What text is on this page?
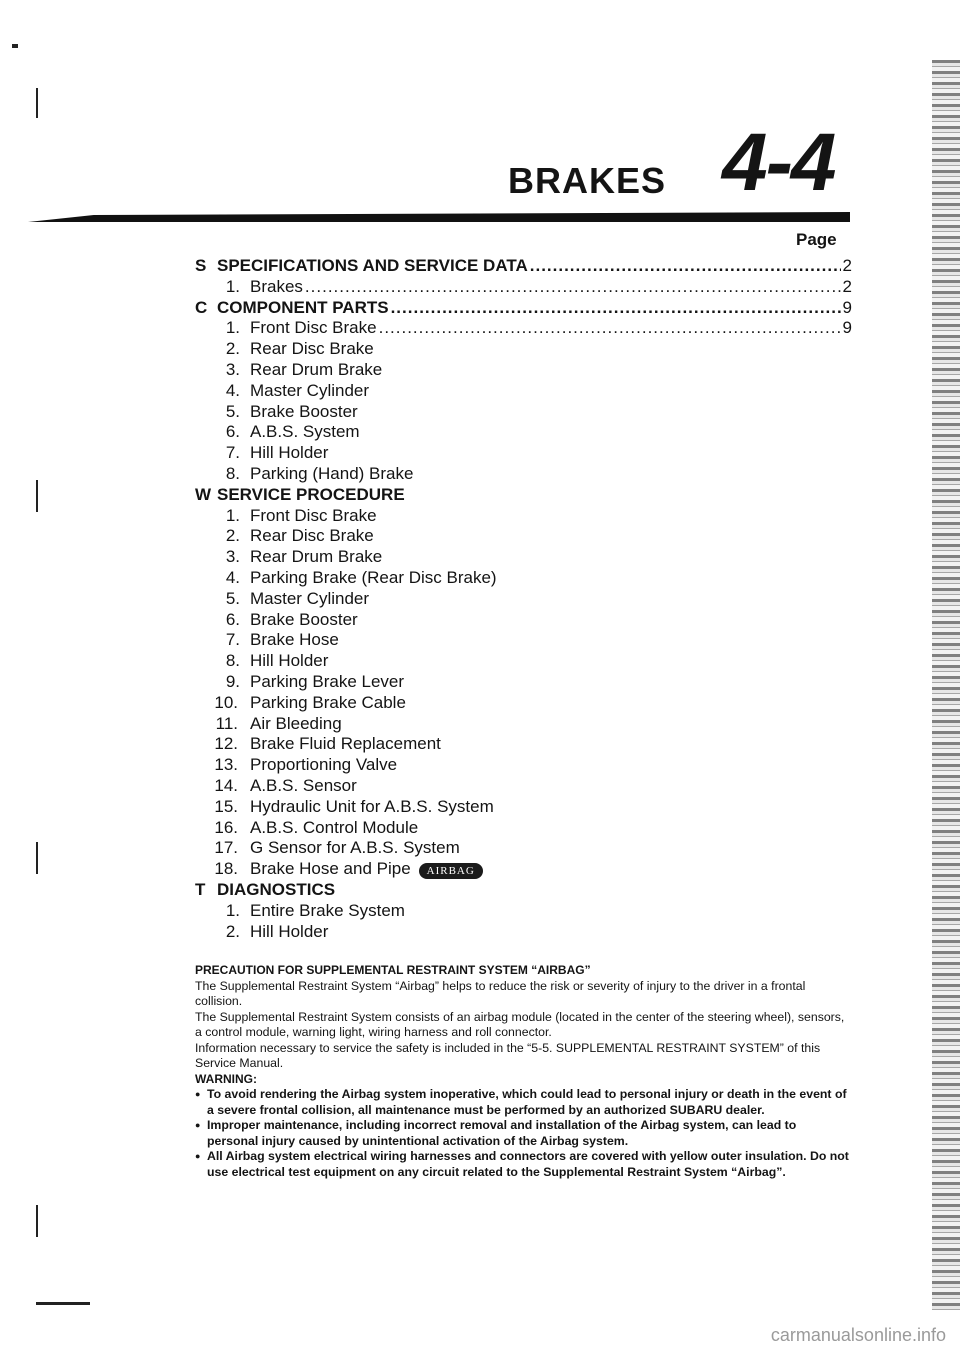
BRAKES 4-4
Page
S SPECIFICATIONS AND SERVICE DATA .....	2
1. Brakes .....	2
C COMPONENT PARTS .....	9
1. Front Disc Brake .....	9
2. Rear Disc Brake
3. Rear Drum Brake
4. Master Cylinder
5. Brake Booster
6. A.B.S. System
7. Hill Holder
8. Parking (Hand) Brake
W SERVICE PROCEDURE
1. Front Disc Brake
2. Rear Disc Brake
3. Rear Drum Brake
4. Parking Brake (Rear Disc Brake)
5. Master Cylinder
6. Brake Booster
7. Brake Hose
8. Hill Holder
9. Parking Brake Lever
10. Parking Brake Cable
11. Air Bleeding
12. Brake Fluid Replacement
13. Proportioning Valve
14. A.B.S. Sensor
15. Hydraulic Unit for A.B.S. System
16. A.B.S. Control Module
17. G Sensor for A.B.S. System
18. Brake Hose and Pipe	AIRBAG
T DIAGNOSTICS
1. Entire Brake System
2. Hill Holder

PRECAUTION FOR SUPPLEMENTAL RESTRAINT SYSTEM “AIRBAG”

The Supplemental Restraint System “Airbag” helps to reduce the risk or severity of injury to the driver in a frontal collision.

The Supplemental Restraint System consists of an airbag module (located in the center of the steering wheel), sensors, a control module, warning light, wiring harness and roll connector.

Information necessary to service the safety is included in the “5-5. SUPPLEMENTAL RESTRAINT SYSTEM” of this Service Manual.

WARNING:

● To avoid rendering the Airbag system inoperative, which could lead to personal injury or death in the event of a severe frontal collision, all maintenance must be performed by an authorized SUBARU dealer.
● Improper maintenance, including incorrect removal and installation of the Airbag system, can lead to personal injury caused by unintentional activation of the Airbag system.
● All Airbag system electrical wiring harnesses and connectors are covered with yellow outer insulation. Do not use electrical test equipment on any circuit related to the Supplemental Restraint System “Airbag”.
carmanualsonline.info
